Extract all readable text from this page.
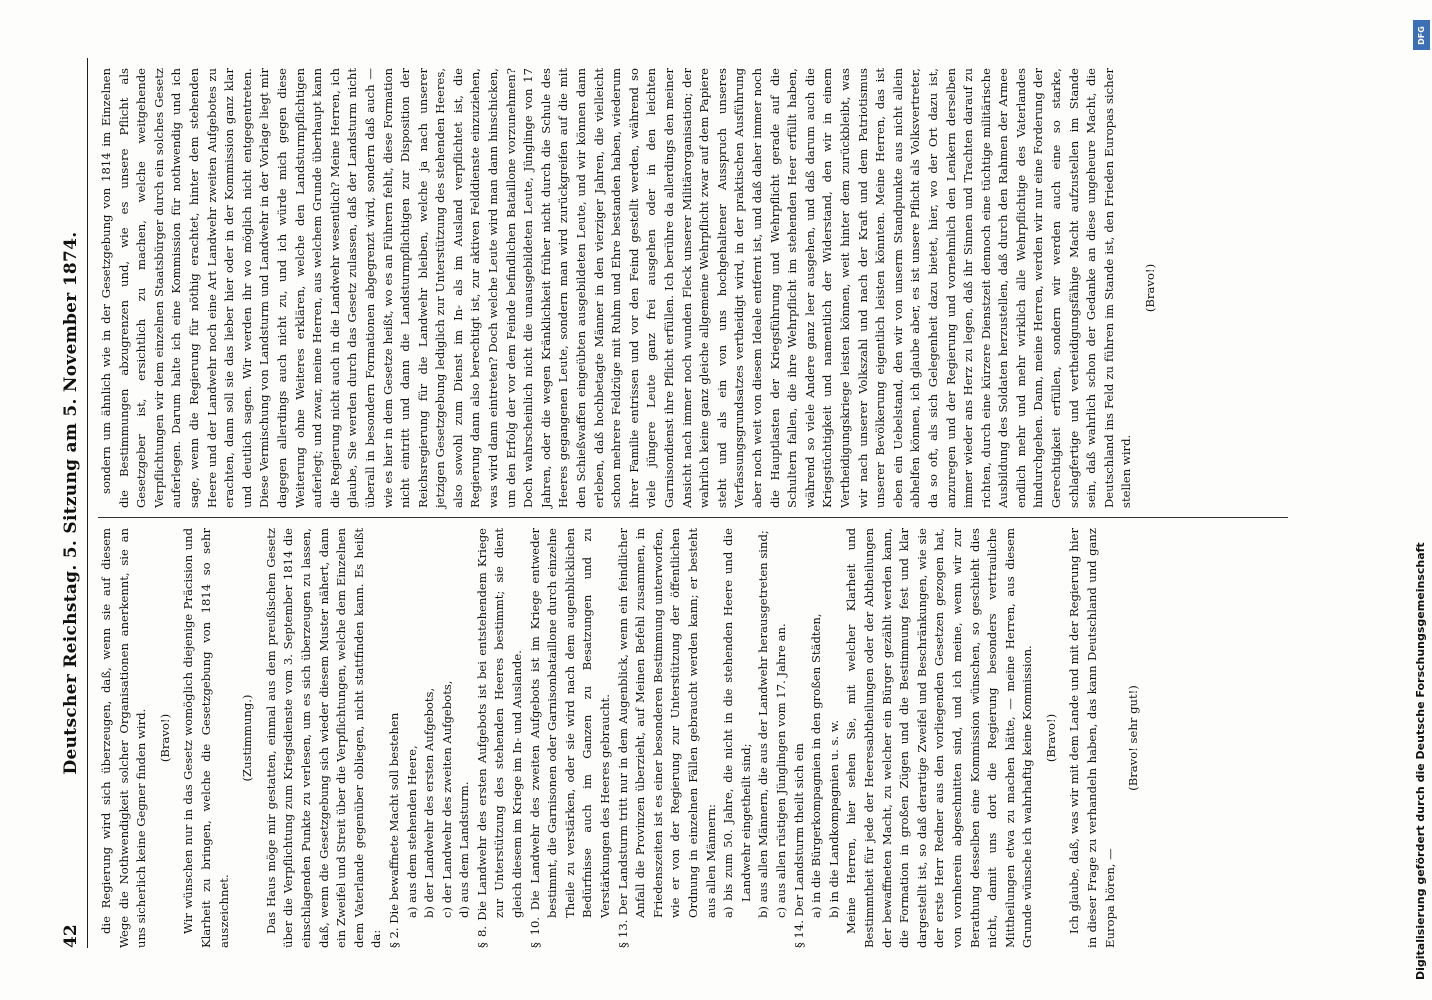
42
Deutscher Reichstag. 5. Sitzung am 5. November 1874. die Regierung wird sich überzeugen, daß, wenn sie auf diesem Wege die Nothwendigkeit solcher Organisationen anerkennt, sie an uns sicherlich keine Gegner finden wird. (Bravo!) Wir wünschen nur in das Gesetz womöglich diejenige Präcision und Klarheit zu bringen, welche die Gesetzgebung von 1814 so sehr auszeichnet.

(Zustimmung.) Das Haus möge mir gestatten, einmal aus dem preußischen Gesetz über die Verpflichtung zum Kriegsdienste vom 3. September 1814 die einschlagenden Punkte zu verlesen, um es sich überzeugen zu lassen, daß, wenn die Gesetzgebung sich wieder diesem Muster nähert, dann ein Zweifel und Streit über die Verpflichtungen, welche dem Einzelnen dem Vaterlande gegenüber obliegen, nicht stattfinden kann. Es heißt da: § 2. Die bewaffnete Macht soll bestehen a) aus dem stehenden Heere, b) der Landwehr des ersten Aufgebots, c) der Landwehr des zweiten Aufgebots, d) aus dem Landsturm. § 8. Die Landwehr des ersten Aufgebots ist bei entstehendem Kriege zur Unterstützung des stehenden Heeres bestimmt; sie dient gleich diesem im Kriege im In- und Auslande. § 10. Die Landwehr des zweiten Aufgebots ist im Kriege entweder bestimmt, die Garnisonen oder Garnisonbataillone durch einzelne Theile zu verstärken, oder sie wird nach dem augenblicklichen Bedürfnisse auch im Ganzen zu Besatzungen und zu Verstärkungen des Heeres gebraucht. § 13. Der Landsturm tritt nur in dem Augenblick, wenn ein feindlicher Anfall die Provinzen überzieht, auf Meinen Befehl zusammen, in Friedenszeiten ist es einer besonderen Bestimmung unterworfen, wie er von der Regierung zur Unterstützung der öffentlichen Ordnung in einzelnen Fällen gebraucht werden kann; er besteht aus allen Männern: a) bis zum 50. Jahre, die nicht in die stehenden Heere und die Landwehr eingetheilt sind; b) aus allen Männern, die aus der Landwehr herausgetreten sind; c) aus allen rüstigen Jünglingen vom 17. Jahre an. § 14. Der Landsturm theilt sich ein a) in die Bürgerkompagnien in den großen Städten, b) in die Landkompagnien u. s. w. Meine Herren, hier sehen Sie, mit welcher Klarheit und Bestimmtheit für jede der Heeresabtheilungen oder der Abtheilungen der bewaffneten Macht, zu welcher ein Bürger gezählt werden kann, die Formation in großen Zügen und die Bestimmung fest und klar dargestellt ist, so daß derartige Zweifel und Beschränkungen, wie sie der erste Herr Redner aus den vorliegenden Gesetzen gezogen hat, von vornherein abgeschnitten sind, und ich meine, wenn wir zur Berathung desselben eine Kommission wünschen, so geschieht dies nicht, damit uns dort die Regierung besonders vertrauliche Mittheilungen etwa zu machen hätte, — meine Herren, aus diesem Grunde wünsche ich wahrhaftig keine Kommission. (Bravo!) Ich glaube, daß, was wir mit dem Lande und mit der Regierung hier in dieser Frage zu verhandeln haben, das kann Deutschland und ganz Europa hören, —

(Bravo! sehr gut!)

sondern um ähnlich wie in der Gesetzgebung von 1814 im Einzelnen die Bestimmungen abzugrenzen und, wie es unsere Pflicht als Gesetzgeber ist, ersichtlich zu machen, welche weitgehende Verpflichtungen wir dem einzelnen Staatsbürger durch ein solches Gesetz auferlegen. Darum halte ich eine Kommission für nothwendig und ich sage, wenn die Regierung für nöthig erachtet, hinter dem stehenden Heere und der Landwehr noch eine Art Landwehr zweiten Aufgebotes zu erachten, dann soll sie das lieber hier oder in der Kommission ganz klar und deutlich sagen. Wir werden ihr wo möglich nicht entgegentreten. Diese Vermischung von Landsturm und Landwehr in der Vorlage liegt mir dagegen allerdings auch nicht zu, und ich würde mich gegen diese Weiterung ohne Weiteres erklären, welche den Landsturmpflichtigen auferlegt; und zwar, meine Herren, aus welchem Grunde überhaupt kann die Regierung nicht auch in die Landwehr wesentlich? Meine Herren, ich glaube, Sie werden durch das Gesetz zulassen, daß der Landsturm nicht überall in besondern Formationen abgegrenzt wird, sondern daß auch — wie es hier in dem Gesetze heißt, wo es an Führern fehlt, diese Formation nicht eintritt und dann die Landsturmpflichtigen zur Disposition der Reichsregierung für die Landwehr bleiben, welche ja nach unserer jetzigen Gesetzgebung lediglich zur Unterstützung des stehenden Heeres, also sowohl zum Dienst im In- als im Ausland verpflichtet ist, die Regierung dann also berechtigt ist, zur aktiven Felddienste einzuziehen, was wird dann eintreten? Doch welche Leute wird man dann hinschicken, um den Erfolg der vor dem Feinde befindlichen Bataillone vorzunehmen? Doch wahrscheinlich nicht die unausgebildeten Leute, Jünglinge von 17 Jahren, oder die wegen Kränklichkeit früher nicht durch die Schule des Heeres gegangenen Leute, sondern man wird zurückgreifen auf die mit den Schießwaffen eingeübten ausgebildeten Leute, und wir können dann erleben, daß hochbetagte Männer in den vierziger Jahren, die vielleicht schon mehrere Feldzüge mit Ruhm und Ehre bestanden haben, wiederum ihrer Familie entrissen und vor den Feind gestellt werden, während so viele jüngere Leute ganz frei ausgehen oder in den leichten Garnisondienst ihre Pflicht erfüllen. Ich berühre da allerdings den meiner Ansicht nach immer noch wunden Fleck unserer Militärorganisation; der wahrlich keine ganz gleiche allgemeine Wehrpflicht zwar auf dem Papiere steht und als ein von uns hochgehaltener Ausspruch unseres Verfassungsgrundsatzes vertheidigt wird, in der praktischen Ausführung aber noch weit von diesem Ideale entfernt ist, und daß daher immer noch die Hauptlasten der Kriegsführung und Wehrpflicht gerade auf die Schultern fallen, die ihre Wehrpflicht im stehenden Heer erfüllt haben, während so viele Andere ganz leer ausgehen, und daß darum auch die Kriegstüchtigkeit und namentlich der Widerstand, den wir in einem Vertheidigungskriege leisten können, weit hinter dem zurückbleibt, was wir nach unserer Volkszahl und nach der Kraft und dem Patriotismus unserer Bevölkerung eigentlich leisten könnten. Meine Herren, das ist eben ein Uebelstand, den wir von unserm Standpunkte aus nicht allein abhelfen können, ich glaube aber, es ist unsere Pflicht als Volksvertreter, da so oft, als sich Gelegenheit dazu bietet, hier, wo der Ort dazu ist, anzuregen und der Regierung und vornehmlich den Lenkern derselben immer wieder ans Herz zu legen, daß ihr Sinnen und Trachten darauf zu richten, durch eine kürzere Dienstzeit dennoch eine tüchtige militärische Ausbildung des Soldaten herzustellen, daß durch den Rahmen der Armee endlich mehr und mehr wirklich alle Wehrpflichtige des Vaterlandes hindurchgehen. Dann, meine Herren, werden wir nur eine Forderung der Gerechtigkeit erfüllen, sondern wir werden auch eine so starke, schlagfertige und vertheidigungsfähige Macht aufzustellen im Stande sein, daß wahrlich schon der Gedanke an diese ungeheure Macht, die Deutschland ins Feld zu führen im Stande ist, den Frieden Europas sicher stellen wird.

(Bravo!)

Digitalisierung gefördert durch die Deutsche Forschungsgemeinschaft
DFG
